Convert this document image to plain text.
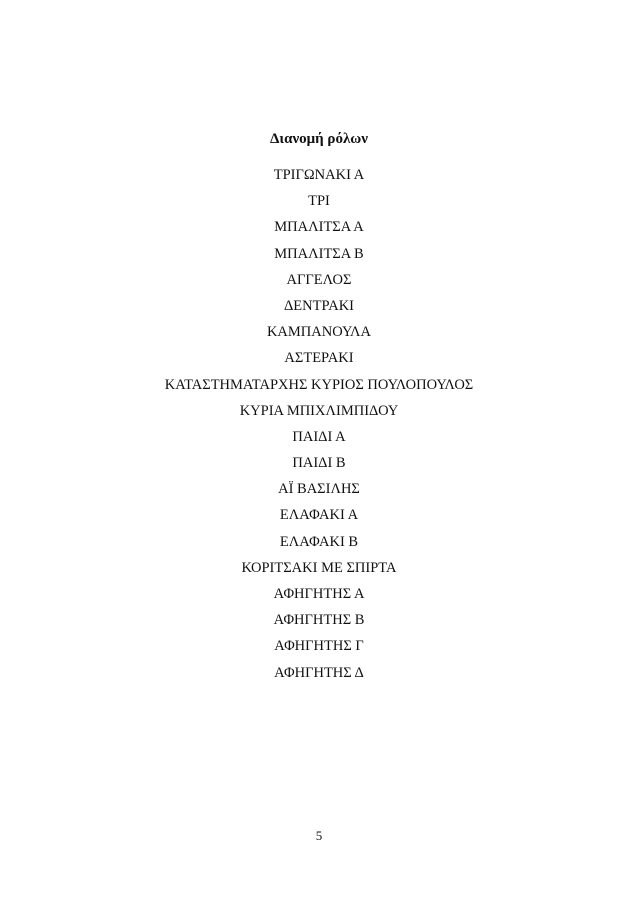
Διανομή ρόλων
ΤΡΙΓΩΝΑΚΙ Α
ΤΡΙ
ΜΠΑΛΙΤΣΑ Α
ΜΠΑΛΙΤΣΑ Β
ΑΓΓΕΛΟΣ
ΔΕΝΤΡΑΚΙ
ΚΑΜΠΑΝΟΥΛΑ
ΑΣΤΕΡΑΚΙ
ΚΑΤΑΣΤΗΜΑΤΑΡΧΗΣ ΚΥΡΙΟΣ ΠΟΥΛΟΠΟΥΛΟΣ
ΚΥΡΙΑ ΜΠΙΧΛΙΜΠΙΔΟΥ
ΠΑΙΔΙ Α
ΠΑΙΔΙ Β
ΑΪ ΒΑΣΙΛΗΣ
ΕΛΑΦΑΚΙ Α
ΕΛΑΦΑΚΙ Β
ΚΟΡΙΤΣΑΚΙ ΜΕ ΣΠΙΡΤΑ
ΑΦΗΓΗΤΗΣ Α
ΑΦΗΓΗΤΗΣ Β
ΑΦΗΓΗΤΗΣ Γ
ΑΦΗΓΗΤΗΣ Δ
5
